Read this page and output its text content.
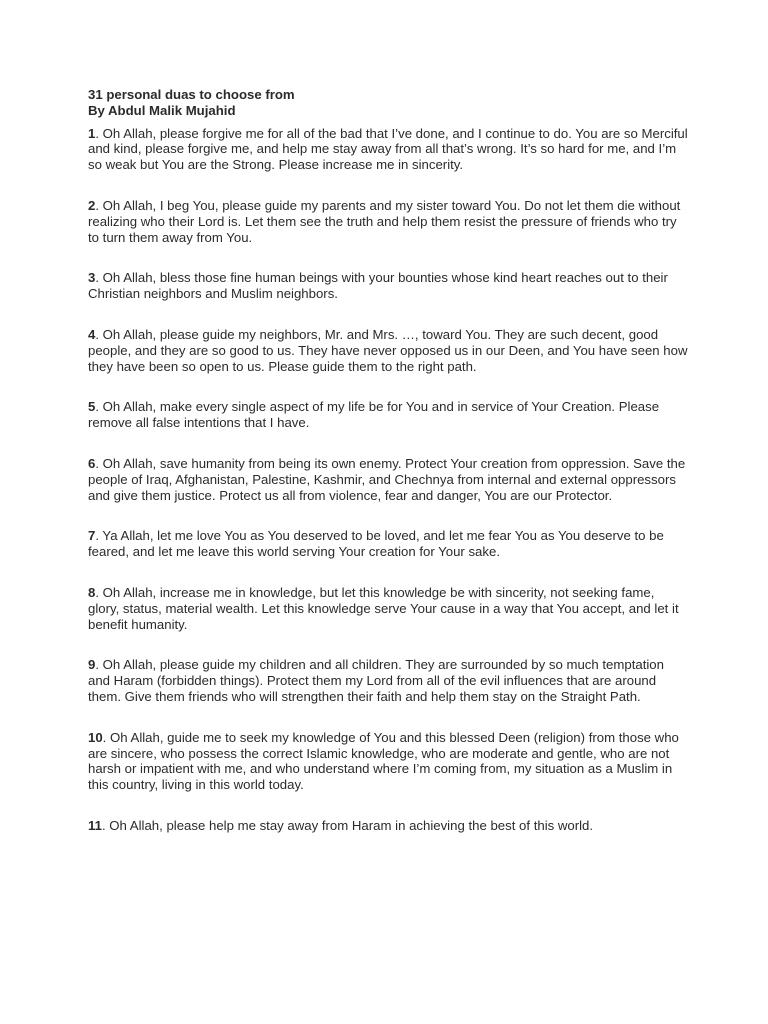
31 personal duas to choose from

By Abdul Malik Mujahid

1. Oh Allah, please forgive me for all of the bad that I’ve done, and I continue to do. You are so Merciful and kind, please forgive me, and help me stay away from all that’s wrong. It’s so hard for me, and I’m so weak but You are the Strong. Please increase me in sincerity.
2. Oh Allah, I beg You, please guide my parents and my sister toward You. Do not let them die without realizing who their Lord is. Let them see the truth and help them resist the pressure of friends who try to turn them away from You.
3. Oh Allah, bless those fine human beings with your bounties whose kind heart reaches out to their Christian neighbors and Muslim neighbors.
4. Oh Allah, please guide my neighbors, Mr. and Mrs. …, toward You. They are such decent, good people, and they are so good to us. They have never opposed us in our Deen, and You have seen how they have been so open to us. Please guide them to the right path.
5. Oh Allah, make every single aspect of my life be for You and in service of Your Creation. Please remove all false intentions that I have.
6. Oh Allah, save humanity from being its own enemy. Protect Your creation from oppression. Save the people of Iraq, Afghanistan, Palestine, Kashmir, and Chechnya from internal and external oppressors and give them justice. Protect us all from violence, fear and danger, You are our Protector.
7. Ya Allah, let me love You as You deserved to be loved, and let me fear You as You deserve to be feared, and let me leave this world serving Your creation for Your sake.
8. Oh Allah, increase me in knowledge, but let this knowledge be with sincerity, not seeking fame, glory, status, material wealth. Let this knowledge serve Your cause in a way that You accept, and let it benefit humanity.
9. Oh Allah, please guide my children and all children. They are surrounded by so much temptation and Haram (forbidden things). Protect them my Lord from all of the evil influences that are around them. Give them friends who will strengthen their faith and help them stay on the Straight Path.
10. Oh Allah, guide me to seek my knowledge of You and this blessed Deen (religion) from those who are sincere, who possess the correct Islamic knowledge, who are moderate and gentle, who are not harsh or impatient with me, and who understand where I’m coming from, my situation as a Muslim in this country, living in this world today.
11. Oh Allah, please help me stay away from Haram in achieving the best of this world.
